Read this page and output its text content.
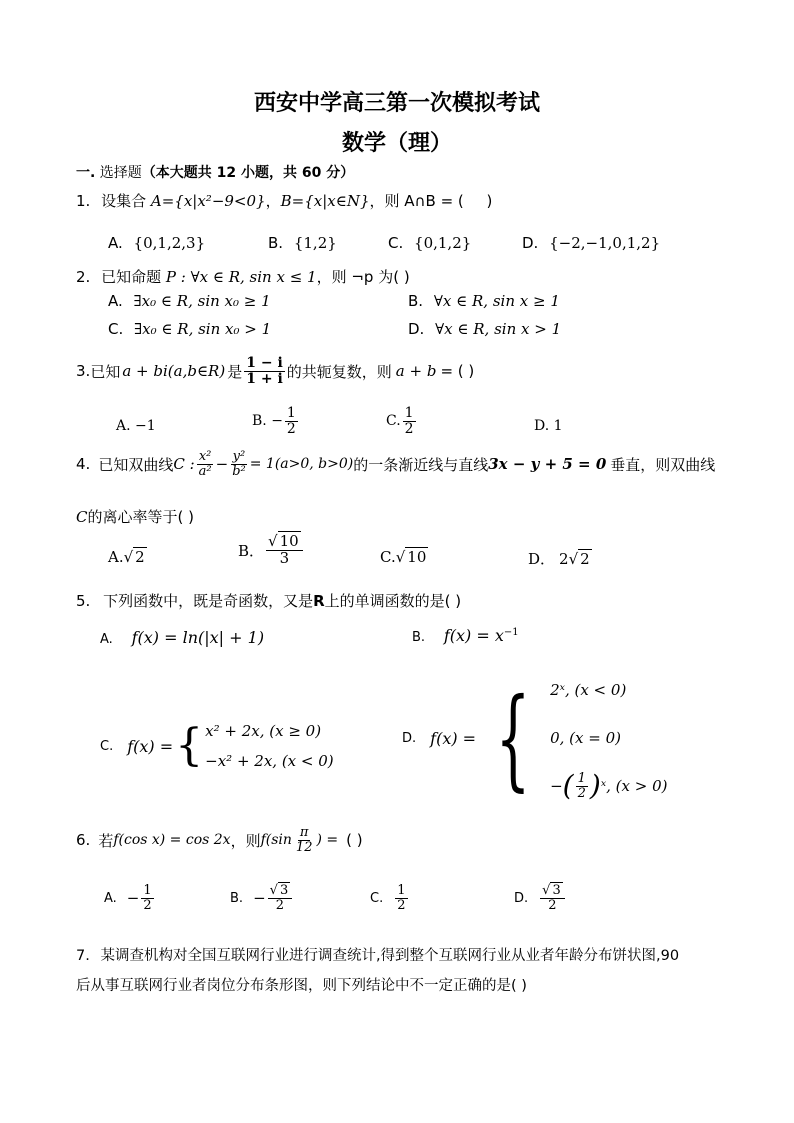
西安中学高三第一次模拟考试
数学（理）
一. 选择题（本大题共 12 小题，共 60 分）
1. 设集合 A={x|x²−9<0}，B={x|x∈N}，则 A∩B = ( )
A. {0,1,2,3}	B. {1,2}	C. {0,1,2}	D. {−2,−1,0,1,2}
2. 已知命题 P : ∀x ∈ R, sin x ≤ 1，则 ¬p 为( )
A. ∃x₀ ∈ R, sin x₀ ≥ 1	B. ∀x ∈ R, sin x ≥ 1
C. ∃x₀ ∈ R, sin x₀ > 1	D. ∀x ∈ R, sin x > 1
3. 已知 a + bi(a,b∈R) 是 $\frac{1 - i}{1 + i}$ 的共轭复数，则 a + b = ( )
A. −1	B. − $\frac{1}{2}$	C. $\frac{1}{2}$	D. 1
4. 已知双曲线 C : $\frac{\text{x²}}{\text{a²}} - \frac{\text{y²}}{\text{b²}} = 1(a>0$, b>0) 的一条渐近线与直线 3x − y + 5 = 0 垂直，则双曲线
C的离心率等于( )
A.√ 2	B． $\frac{√ 10}{3}$	C.√ 10	D． 2√ 2
5. 下列函数中，既是奇函数，又是R上的单调函数的是( )
A. f(x) = ln(|x| + 1)	B. $f(x) = x^{-1}$
C. f(x) = { x² + 2x, (x ≥ 0)
−x² + 2x, (x < 0)
D. f(x) = { 2ˣ, (x < 0)
0, (x = 0)
− ( $\frac{1}{2}$ ) ˣ, (x > 0)
6. 若 f(cos x) = cos 2x ，则 $f(\sin \frac{\pi}{12}$ ) = ( )
A. − $\frac{1}{2}$	B. − $\frac{√ 3}{2}$	C. $\frac{1}{2}$	D. $\frac{√ 3}{2}$
7. 某调查机构对全国互联网行业进行调查统计,得到整个互联网行业从业者年龄分布饼状图,90
后从事互联网行业者岗位分布条形图，则下列结论中不一定正确的是( )
